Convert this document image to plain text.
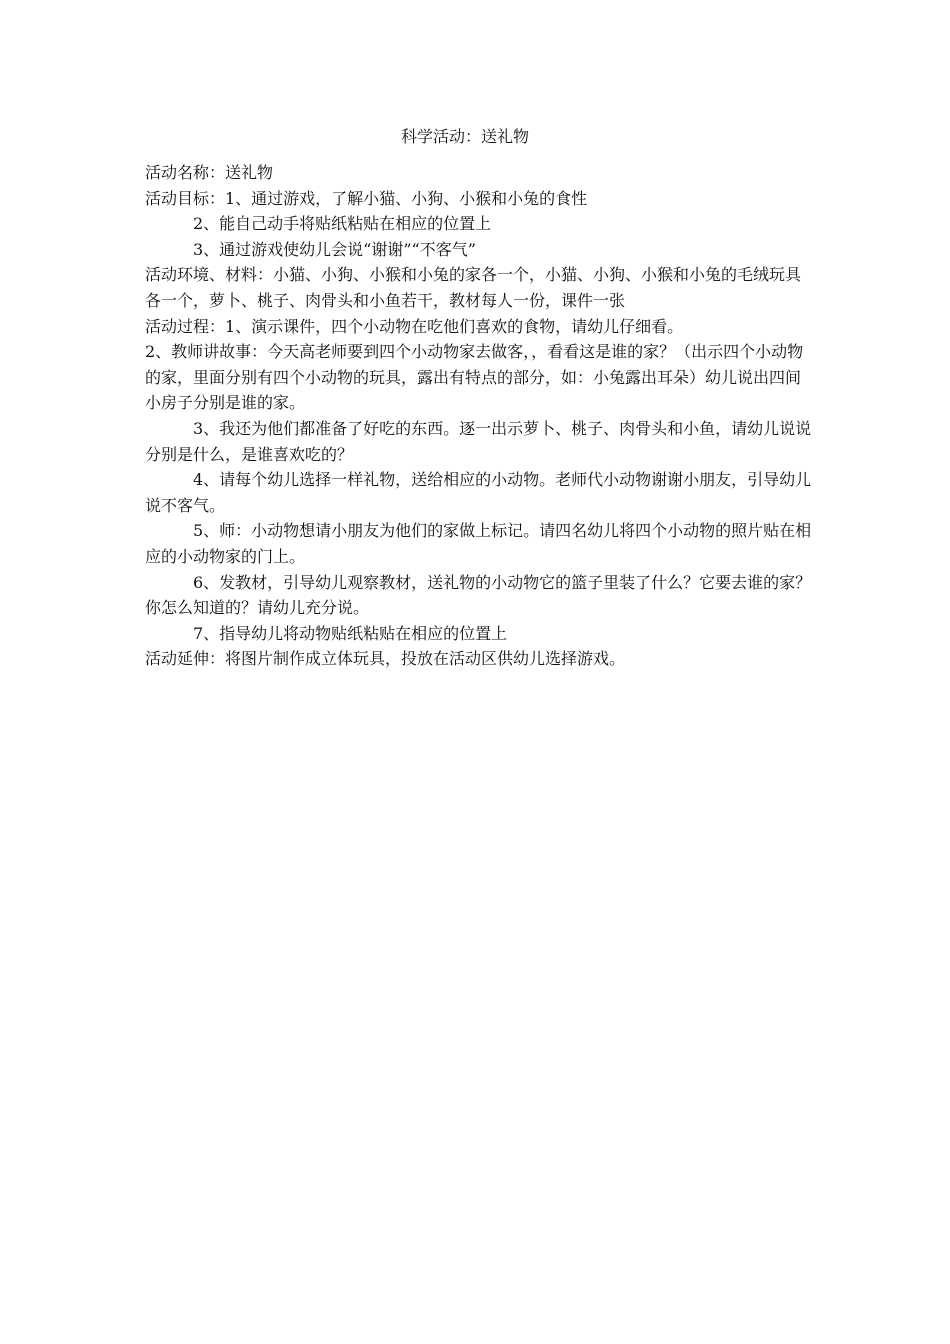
科学活动：送礼物

活动名称：送礼物

活动目标：1、通过游戏，了解小猫、小狗、小猴和小兔的食性

2、能自己动手将贴纸粘贴在相应的位置上

3、通过游戏使幼儿会说“谢谢”“不客气”

活动环境、材料：小猫、小狗、小猴和小兔的家各一个，小猫、小狗、小猴和小兔的毛绒玩具各一个，萝卜、桃子、肉骨头和小鱼若干，教材每人一份，课件一张

活动过程：1、演示课件，四个小动物在吃他们喜欢的食物，请幼儿仔细看。

2、教师讲故事：今天高老师要到四个小动物家去做客，，看看这是谁的家？（出示四个小动物的家，里面分别有四个小动物的玩具，露出有特点的部分，如：小兔露出耳朵）幼儿说出四间小房子分别是谁的家。

3、我还为他们都准备了好吃的东西。逐一出示萝卜、桃子、肉骨头和小鱼，请幼儿说说分别是什么，是谁喜欢吃的？

4、请每个幼儿选择一样礼物，送给相应的小动物。老师代小动物谢谢小朋友，引导幼儿说不客气。

5、师：小动物想请小朋友为他们的家做上标记。请四名幼儿将四个小动物的照片贴在相应的小动物家的门上。

6、发教材，引导幼儿观察教材，送礼物的小动物它的篮子里装了什么？它要去谁的家？你怎么知道的？请幼儿充分说。

7、指导幼儿将动物贴纸粘贴在相应的位置上

活动延伸：将图片制作成立体玩具，投放在活动区供幼儿选择游戏。
